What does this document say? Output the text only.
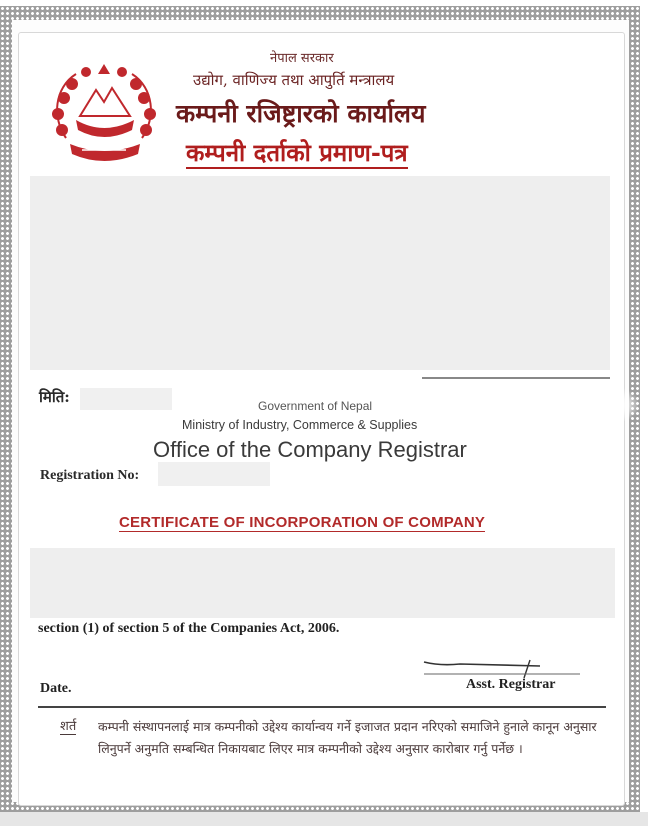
नेपाल सरकार
उद्योग, वाणिज्य तथा आपुर्ति मन्त्रालय
कम्पनी रजिष्ट्रारको कार्यालय
कम्पनी दर्ताको प्रमाण-पत्र
मिति:	Government of Nepal
Ministry of Industry, Commerce & Supplies
Office of the Company Registrar
Registration No:
CERTIFICATE OF INCORPORATION OF COMPANY
section (1) of section 5 of the Companies Act, 2006.
Date.	Asst. Registrar
शर्त कम्पनी संस्थापनलाई मात्र कम्पनीको उद्देश्य कार्यान्वय गर्ने इजाजत प्रदान नरिएको समाजिने हुनाले कानून अनुसार लिनुपर्ने अनुमति सम्बन्धित निकायबाट लिएर मात्र कम्पनीको उद्देश्य अनुसार कारोबार गर्नु पर्नेछ ।
